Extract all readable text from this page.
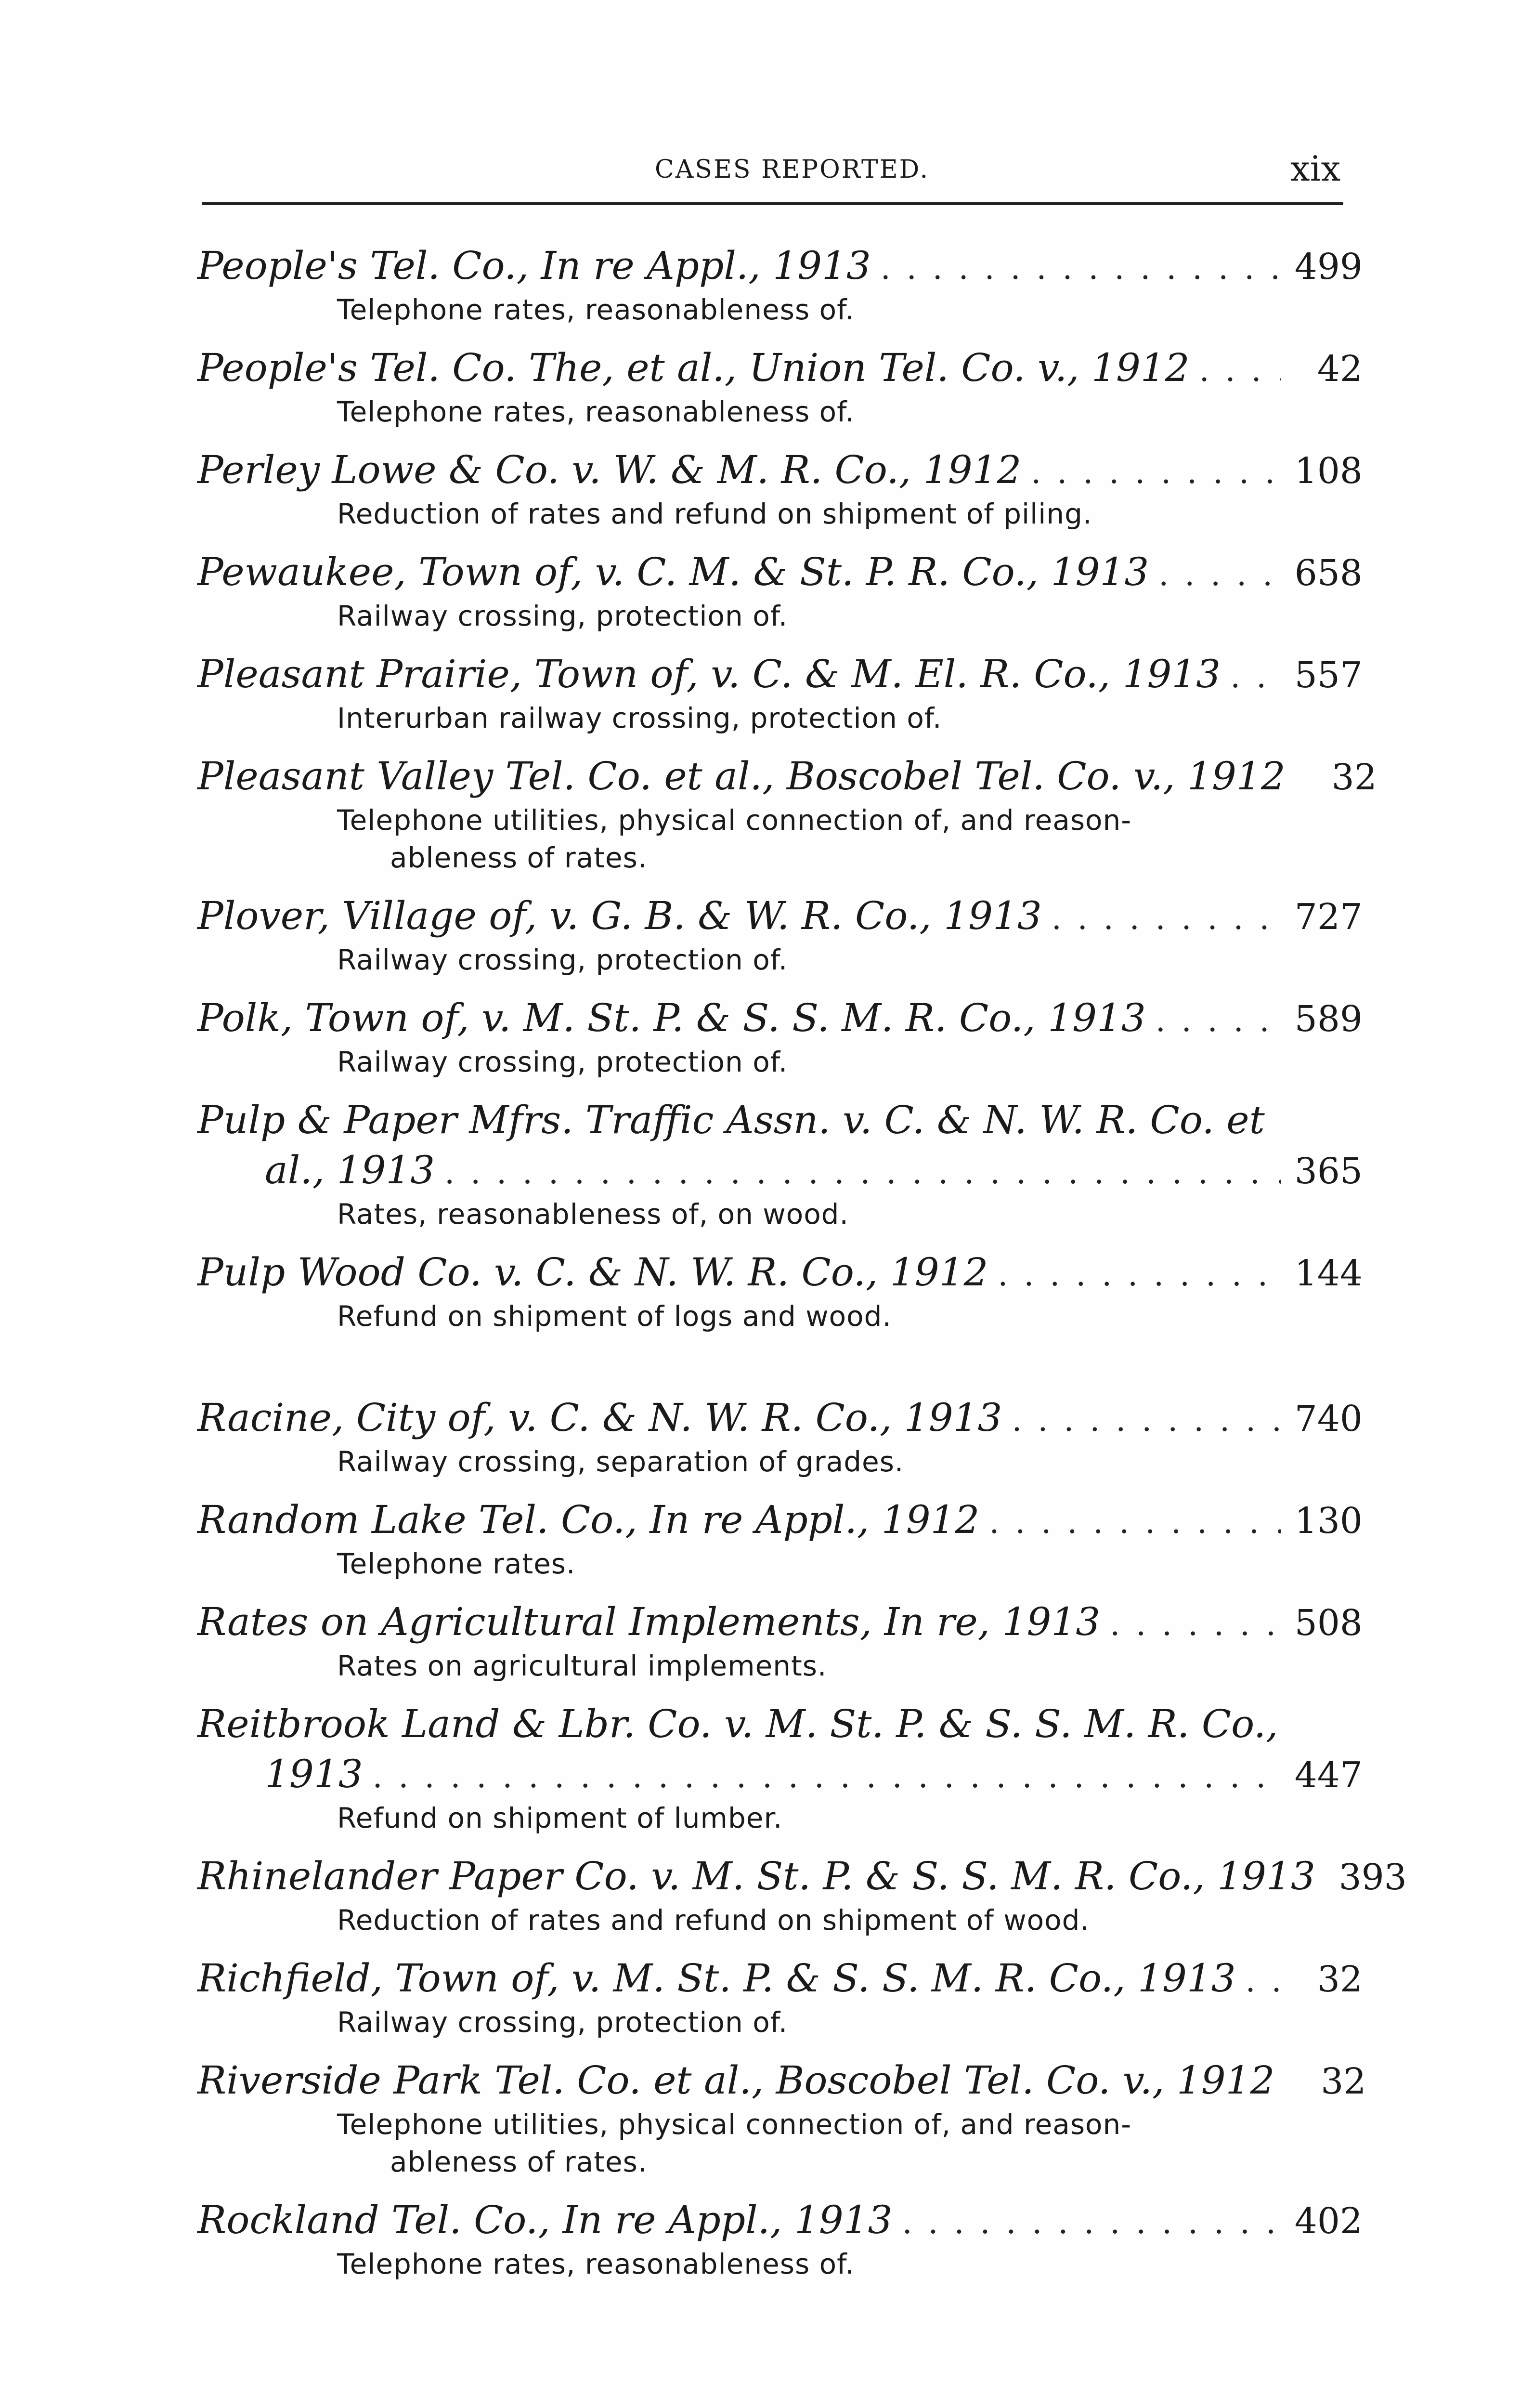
CASES REPORTED.	xix
People's Tel. Co., In re Appl., 1913 . . .	499
Telephone rates, reasonableness of.
People's Tel. Co. The, et al., Union Tel. Co. v., 1912 . . .	42
Telephone rates, reasonableness of.
Perley Lowe & Co. v. W. & M. R. Co., 1912 . . .	108
Reduction of rates and refund on shipment of piling.
Pewaukee, Town of, v. C. M. & St. P. R. Co., 1913 . . .	658
Railway crossing, protection of.
Pleasant Prairie, Town of, v. C. & M. El. R. Co., 1913 . . . 557
Interurban railway crossing, protection of.
Pleasant Valley Tel. Co. et al., Boscobel Tel. Co. v., 1912	32
Telephone utilities, physical connection of, and reason-
ableness of rates.
Plover, Village of, v. G. B. & W. R. Co., 1913 . . .	727
Railway crossing, protection of.
Polk, Town of, v. M. St. P. & S. S. M. R. Co., 1913 . . .	589
Railway crossing, protection of.
Pulp & Paper Mfrs. Traffic Assn. v. C. & N. W. R. Co. et
al., 1913 . . .	365
Rates, reasonableness of, on wood.
Pulp Wood Co. v. C. & N. W. R. Co., 1912 . . .	144
Refund on shipment of logs and wood.
Racine, City of, v. C. & N. W. R. Co., 1913 . . .	740
Railway crossing, separation of grades.
Random Lake Tel. Co., In re Appl., 1912 . . .	130
Telephone rates.
Rates on Agricultural Implements, In re, 1913 . . .	508
Rates on agricultural implements.
Reitbrook Land & Lbr. Co. v. M. St. P. & S. S. M. R. Co.,
1913 . . .	447
Refund on shipment of lumber.
Rhinelander Paper Co. v. M. St. P. & S. S. M. R. Co., 1913 393
Reduction of rates and refund on shipment of wood.
Richfield, Town of, v. M. St. P. & S. S. M. R. Co., 1913 . . .	32
Railway crossing, protection of.
Riverside Park Tel. Co. et al., Boscobel Tel. Co. v., 1912	32
Telephone utilities, physical connection of, and reason-
ableness of rates.
Rockland Tel. Co., In re Appl., 1913 . . .	402
Telephone rates, reasonableness of.
